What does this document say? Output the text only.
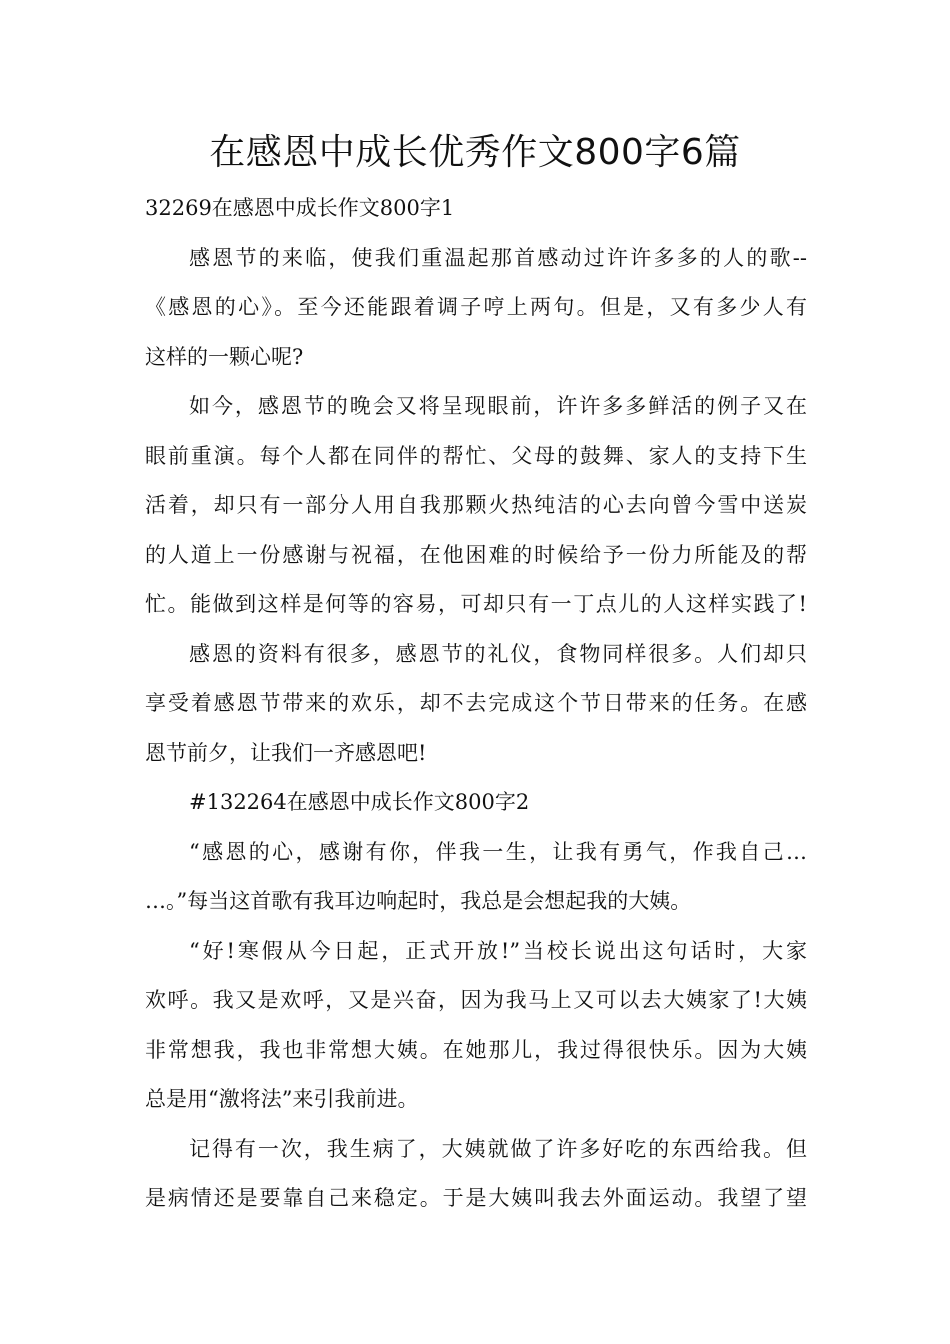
在感恩中成长优秀作文800字6篇
32269在感恩中成长作文800字1
感恩节的来临，使我们重温起那首感动过许许多多的人的歌--
《感恩的心》。至今还能跟着调子哼上两句。但是，又有多少人有
这样的一颗心呢?
如今，感恩节的晚会又将呈现眼前，许许多多鲜活的例子又在
眼前重演。每个人都在同伴的帮忙、父母的鼓舞、家人的支持下生
活着，却只有一部分人用自我那颗火热纯洁的心去向曾今雪中送炭
的人道上一份感谢与祝福，在他困难的时候给予一份力所能及的帮
忙。能做到这样是何等的容易，可却只有一丁点儿的人这样实践了!
感恩的资料有很多，感恩节的礼仪，食物同样很多。人们却只
享受着感恩节带来的欢乐，却不去完成这个节日带来的任务。在感
恩节前夕，让我们一齐感恩吧!
#132264在感恩中成长作文800字2
“感恩的心，感谢有你，伴我一生，让我有勇气，作我自己…
…。”每当这首歌有我耳边响起时，我总是会想起我的大姨。
“好!寒假从今日起，正式开放!”当校长说出这句话时，大家
欢呼。我又是欢呼，又是兴奋，因为我马上又可以去大姨家了!大姨
非常想我，我也非常想大姨。在她那儿，我过得很快乐。因为大姨
总是用“激将法”来引我前进。
记得有一次，我生病了，大姨就做了许多好吃的东西给我。但
是病情还是要靠自己来稳定。于是大姨叫我去外面运动。我望了望
